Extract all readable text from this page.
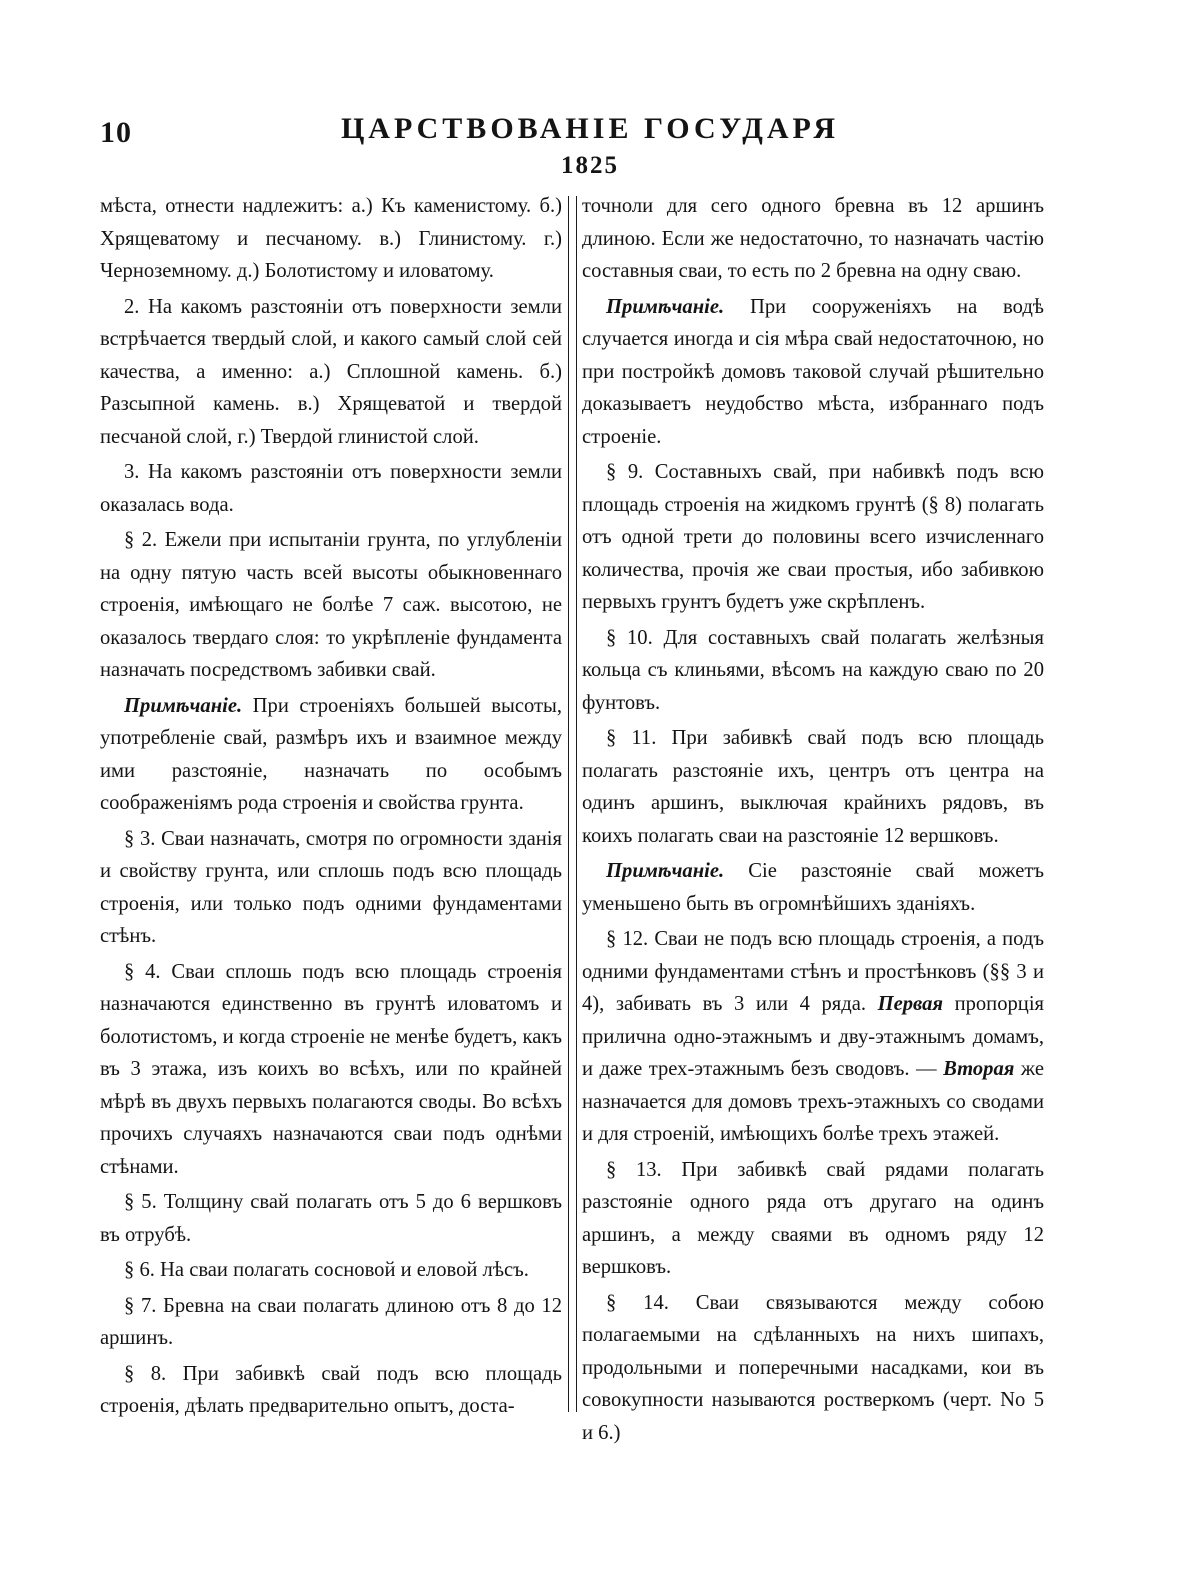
10	ЦАРСТВОВАНІЕ ГОСУДАРЯ
1825

мѣста, отнести надлежитъ: а.) Къ каменистому. б.) Хрящеватому и песчаному. в.) Глинистому. г.) Черноземному. д.) Болотистому и иловатому.

2. На какомъ разстояніи отъ поверхности земли встрѣчается твердый слой, и какого самый слой сей качества, а именно: а.) Сплошной камень. б.) Разсыпной камень. в.) Хрящеватой и твердой песчаной слой, г.) Твердой глинистой слой.

3. На какомъ разстояніи отъ поверхности земли оказалась вода.

§ 2. Ежели при испытаніи грунта, по углубленіи на одну пятую часть всей высоты обыкновеннаго строенія, имѣющаго не болѣе 7 саж. высотою, не оказалось твердаго слоя: то укрѣпленіе фундамента назначать посредствомъ забивки свай.

Примѣчаніе. При строеніяхъ большей высоты, употребленіе свай, размѣръ ихъ и взаимное между ими разстояніе, назначать по особымъ соображеніямъ рода строенія и свойства грунта.

§ 3. Сваи назначать, смотря по огромности зданія и свойству грунта, или сплошь подъ всю площадь строенія, или только подъ одними фундаментами стѣнъ.

§ 4. Сваи сплошь подъ всю площадь строенія назначаются единственно въ грунтѣ иловатомъ и болотистомъ, и когда строеніе не менѣе будетъ, какъ въ 3 этажа, изъ коихъ во всѣхъ, или по крайней мѣрѣ въ двухъ первыхъ полагаются своды. Во всѣхъ прочихъ случаяхъ назначаются сваи подъ однѣми стѣнами.

§ 5. Толщину свай полагать отъ 5 до 6 вершковъ въ отрубѣ.

§ 6. На сваи полагать сосновой и еловой лѣсъ.

§ 7. Бревна на сваи полагать длиною отъ 8 до 12 аршинъ.

§ 8. При забивкѣ свай подъ всю площадь строенія, дѣлать предварительно опытъ, доста-

точноли для сего одного бревна въ 12 аршинъ длиною. Если же недостаточно, то назначать частію составныя сваи, то есть по 2 бревна на одну сваю.

Примѣчаніе. При сооруженіяхъ на водѣ случается иногда и сія мѣра свай недостаточною, но при постройкѣ домовъ таковой случай рѣшительно доказываетъ неудобство мѣста, избраннаго подъ строеніе.

§ 9. Составныхъ свай, при набивкѣ подъ всю площадь строенія на жидкомъ грунтѣ (§ 8) полагать отъ одной трети до половины всего изчисленнаго количества, прочія же сваи простыя, ибо забивкою первыхъ грунтъ будетъ уже скрѣпленъ.

§ 10. Для составныхъ свай полагать желѣзныя кольца съ клиньями, вѣсомъ на каждую сваю по 20 фунтовъ.

§ 11. При забивкѣ свай подъ всю площадь полагать разстояніе ихъ, центръ отъ центра на одинъ аршинъ, выключая крайнихъ рядовъ, въ коихъ полагать сваи на разстояніе 12 вершковъ.

Примѣчаніе. Сіе разстояніе свай можетъ уменьшено быть въ огромнѣйшихъ зданіяхъ.

§ 12. Сваи не подъ всю площадь строенія, а подъ одними фундаментами стѣнъ и простѣнковъ (§§ 3 и 4), забивать въ 3 или 4 ряда. Первая пропорція прилична одно-этажнымъ и дву-этажнымъ домамъ, и даже трех-этажнымъ безъ сводовъ. — Вторая же назначается для домовъ трехъ-этажныхъ со сводами и для строеній, имѣющихъ болѣе трехъ этажей.

§ 13. При забивкѣ свай рядами полагать разстояніе одного ряда отъ другаго на одинъ аршинъ, а между сваями въ одномъ ряду 12 вершковъ.

§ 14. Сваи связываются между собою полагаемыми на сдѣланныхъ на нихъ шипахъ, продольными и поперечными насадками, кои въ совокупности называются ростверкомъ (черт. No 5 и 6.)
